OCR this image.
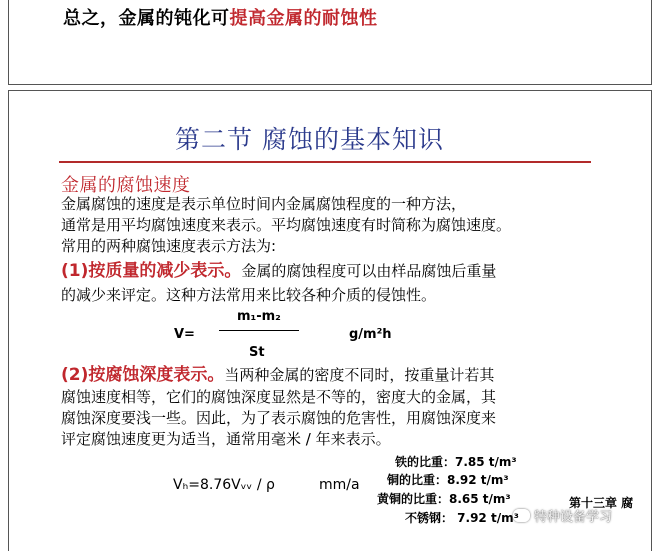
总之，金属的钝化可提高金属的耐蚀性
第二节 腐蚀的基本知识
金属的腐蚀速度
金属腐蚀的速度是表示单位时间内金属腐蚀程度的一种方法，
通常是用平均腐蚀速度来表示。平均腐蚀速度有时简称为腐蚀速度。
常用的两种腐蚀速度表示方法为:
(1)按质量的减少表示。金属的腐蚀程度可以由样品腐蚀后重量
的减少来评定。这种方法常用来比较各种介质的侵蚀性。
V=
m₁-m₂
St
g/m²h
(2)按腐蚀深度表示。当两种金属的密度不同时，按重量计若其
腐蚀速度相等，它们的腐蚀深度显然是不等的，密度大的金属，其
腐蚀深度要浅一些。因此，为了表示腐蚀的危害性，用腐蚀深度来
评定腐蚀速度更为适当，通常用毫米 / 年来表示。
Vₕ=8.76Vᵥᵥ / ρ	mm/a
铁的比重：7.85 t/m³
铜的比重：8.92 t/m³
黄铜的比重：8.65 t/m³
不锈钢： 7.92 t/m³
第十三章 腐
特种设备学习
